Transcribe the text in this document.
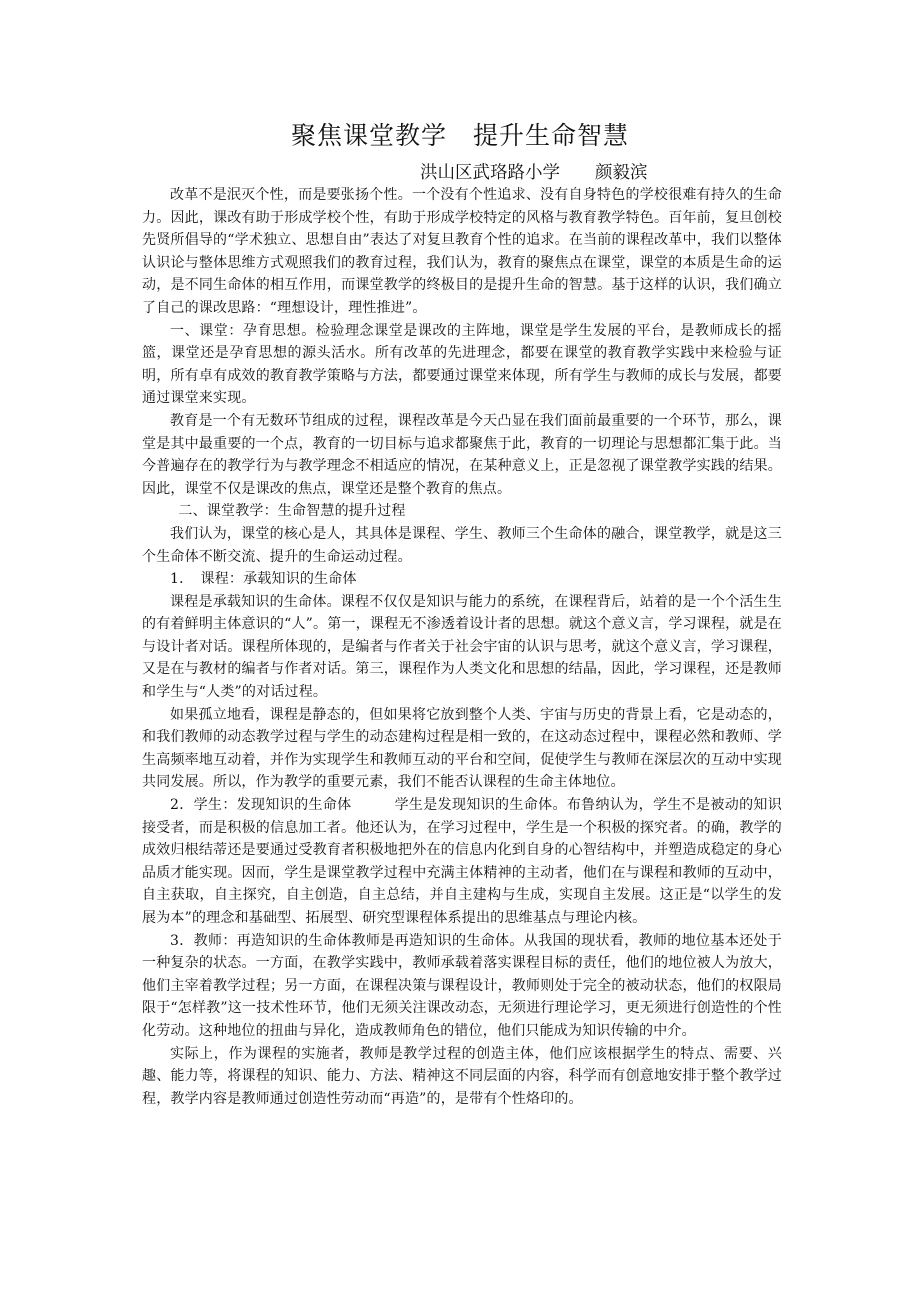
聚焦课堂教学　提升生命智慧
洪山区武珞路小学　　颜毅滨

改革不是泯灭个性，而是要张扬个性。一个没有个性追求、没有自身特色的学校很难有持久的生命力。因此，课改有助于形成学校个性，有助于形成学校特定的风格与教育教学特色。百年前，复旦创校先贤所倡导的“学术独立、思想自由”表达了对复旦教育个性的追求。在当前的课程改革中，我们以整体认识论与整体思维方式观照我们的教育过程，我们认为，教育的聚焦点在课堂，课堂的本质是生命的运动，是不同生命体的相互作用，而课堂教学的终极目的是提升生命的智慧。基于这样的认识，我们确立了自己的课改思路：“理想设计，理性推进”。

一、课堂：孕育思想。检验理念课堂是课改的主阵地，课堂是学生发展的平台，是教师成长的摇篮，课堂还是孕育思想的源头活水。所有改革的先进理念，都要在课堂的教育教学实践中来检验与证明，所有卓有成效的教育教学策略与方法，都要通过课堂来体现，所有学生与教师的成长与发展，都要通过课堂来实现。

教育是一个有无数环节组成的过程，课程改革是今天凸显在我们面前最重要的一个环节，那么，课堂是其中最重要的一个点，教育的一切目标与追求都聚焦于此，教育的一切理论与思想都汇集于此。当今普遍存在的教学行为与教学理念不相适应的情况，在某种意义上，正是忽视了课堂教学实践的结果。因此，课堂不仅是课改的焦点，课堂还是整个教育的焦点。

二、课堂教学：生命智慧的提升过程

我们认为，课堂的核心是人，其具体是课程、学生、教师三个生命体的融合，课堂教学，就是这三个生命体不断交流、提升的生命运动过程。

1．　课程：承载知识的生命体

课程是承载知识的生命体。课程不仅仅是知识与能力的系统，在课程背后，站着的是一个个活生生的有着鲜明主体意识的“人”。第一，课程无不渗透着设计者的思想。就这个意义言，学习课程，就是在与设计者对话。课程所体现的，是编者与作者关于社会宇宙的认识与思考，就这个意义言，学习课程，又是在与教材的编者与作者对话。第三，课程作为人类文化和思想的结晶，因此，学习课程，还是教师和学生与“人类”的对话过程。

如果孤立地看，课程是静态的，但如果将它放到整个人类、宇宙与历史的背景上看，它是动态的，和我们教师的动态教学过程与学生的动态建构过程是相一致的，在这动态过程中，课程必然和教师、学生高频率地互动着，并作为实现学生和教师互动的平台和空间，促使学生与教师在深层次的互动中实现共同发展。所以，作为教学的重要元素，我们不能否认课程的生命主体地位。

2．学生：发现知识的生命体　　　学生是发现知识的生命体。布鲁纳认为，学生不是被动的知识接受者，而是积极的信息加工者。他还认为，在学习过程中，学生是一个积极的探究者。的确，教学的成效归根结蒂还是要通过受教育者积极地把外在的信息内化到自身的心智结构中，并塑造成稳定的身心品质才能实现。因而，学生是课堂教学过程中充满主体精神的主动者，他们在与课程和教师的互动中，自主获取，自主探究，自主创造，自主总结，并自主建构与生成，实现自主发展。这正是“以学生的发展为本”的理念和基础型、拓展型、研究型课程体系提出的思维基点与理论内核。

3．教师：再造知识的生命体教师是再造知识的生命体。从我国的现状看，教师的地位基本还处于一种复杂的状态。一方面，在教学实践中，教师承载着落实课程目标的责任，他们的地位被人为放大，他们主宰着教学过程；另一方面，在课程决策与课程设计，教师则处于完全的被动状态，他们的权限局限于“怎样教”这一技术性环节，他们无须关注课改动态，无须进行理论学习，更无须进行创造性的个性化劳动。这种地位的扭曲与异化，造成教师角色的错位，他们只能成为知识传输的中介。

实际上，作为课程的实施者，教师是教学过程的创造主体，他们应该根据学生的特点、需要、兴趣、能力等，将课程的知识、能力、方法、精神这不同层面的内容，科学而有创意地安排于整个教学过程，教学内容是教师通过创造性劳动而“再造”的，是带有个性烙印的。
